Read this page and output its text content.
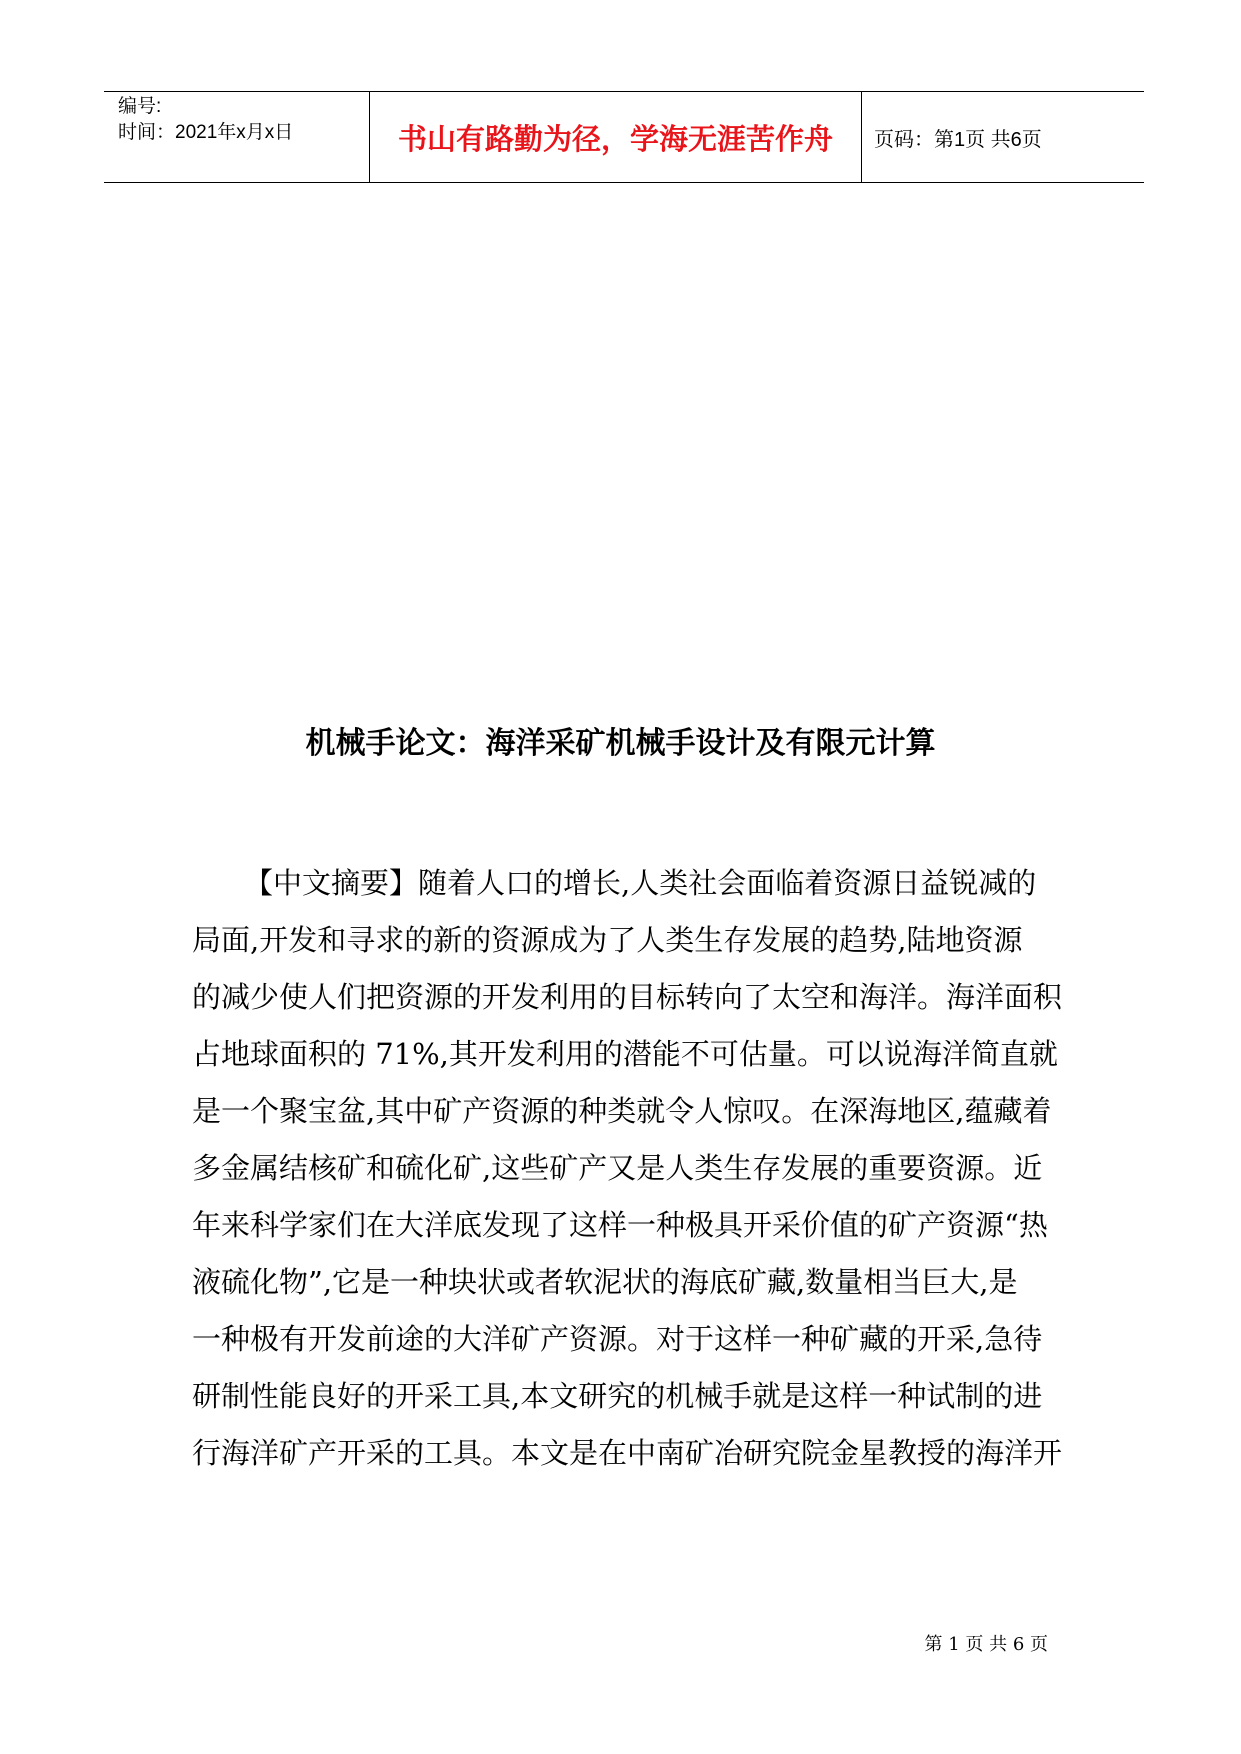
编号:
时间：2021年x月x日	书山有路勤为径，学海无涯苦作舟	页码：第1页 共6页
机械手论文：海洋采矿机械手设计及有限元计算
【中文摘要】随着人口的增长,人类社会面临着资源日益锐减的
局面,开发和寻求的新的资源成为了人类生存发展的趋势,陆地资源
的减少使人们把资源的开发利用的目标转向了太空和海洋。海洋面积
占地球面积的 71%,其开发利用的潜能不可估量。可以说海洋简直就
是一个聚宝盆,其中矿产资源的种类就令人惊叹。在深海地区,蕴藏着
多金属结核矿和硫化矿,这些矿产又是人类生存发展的重要资源。近
年来科学家们在大洋底发现了这样一种极具开采价值的矿产资源“热
液硫化物”,它是一种块状或者软泥状的海底矿藏,数量相当巨大,是
一种极有开发前途的大洋矿产资源。对于这样一种矿藏的开采,急待
研制性能良好的开采工具,本文研究的机械手就是这样一种试制的进
行海洋矿产开采的工具。本文是在中南矿冶研究院金星教授的海洋开
第 1 页 共 6 页
